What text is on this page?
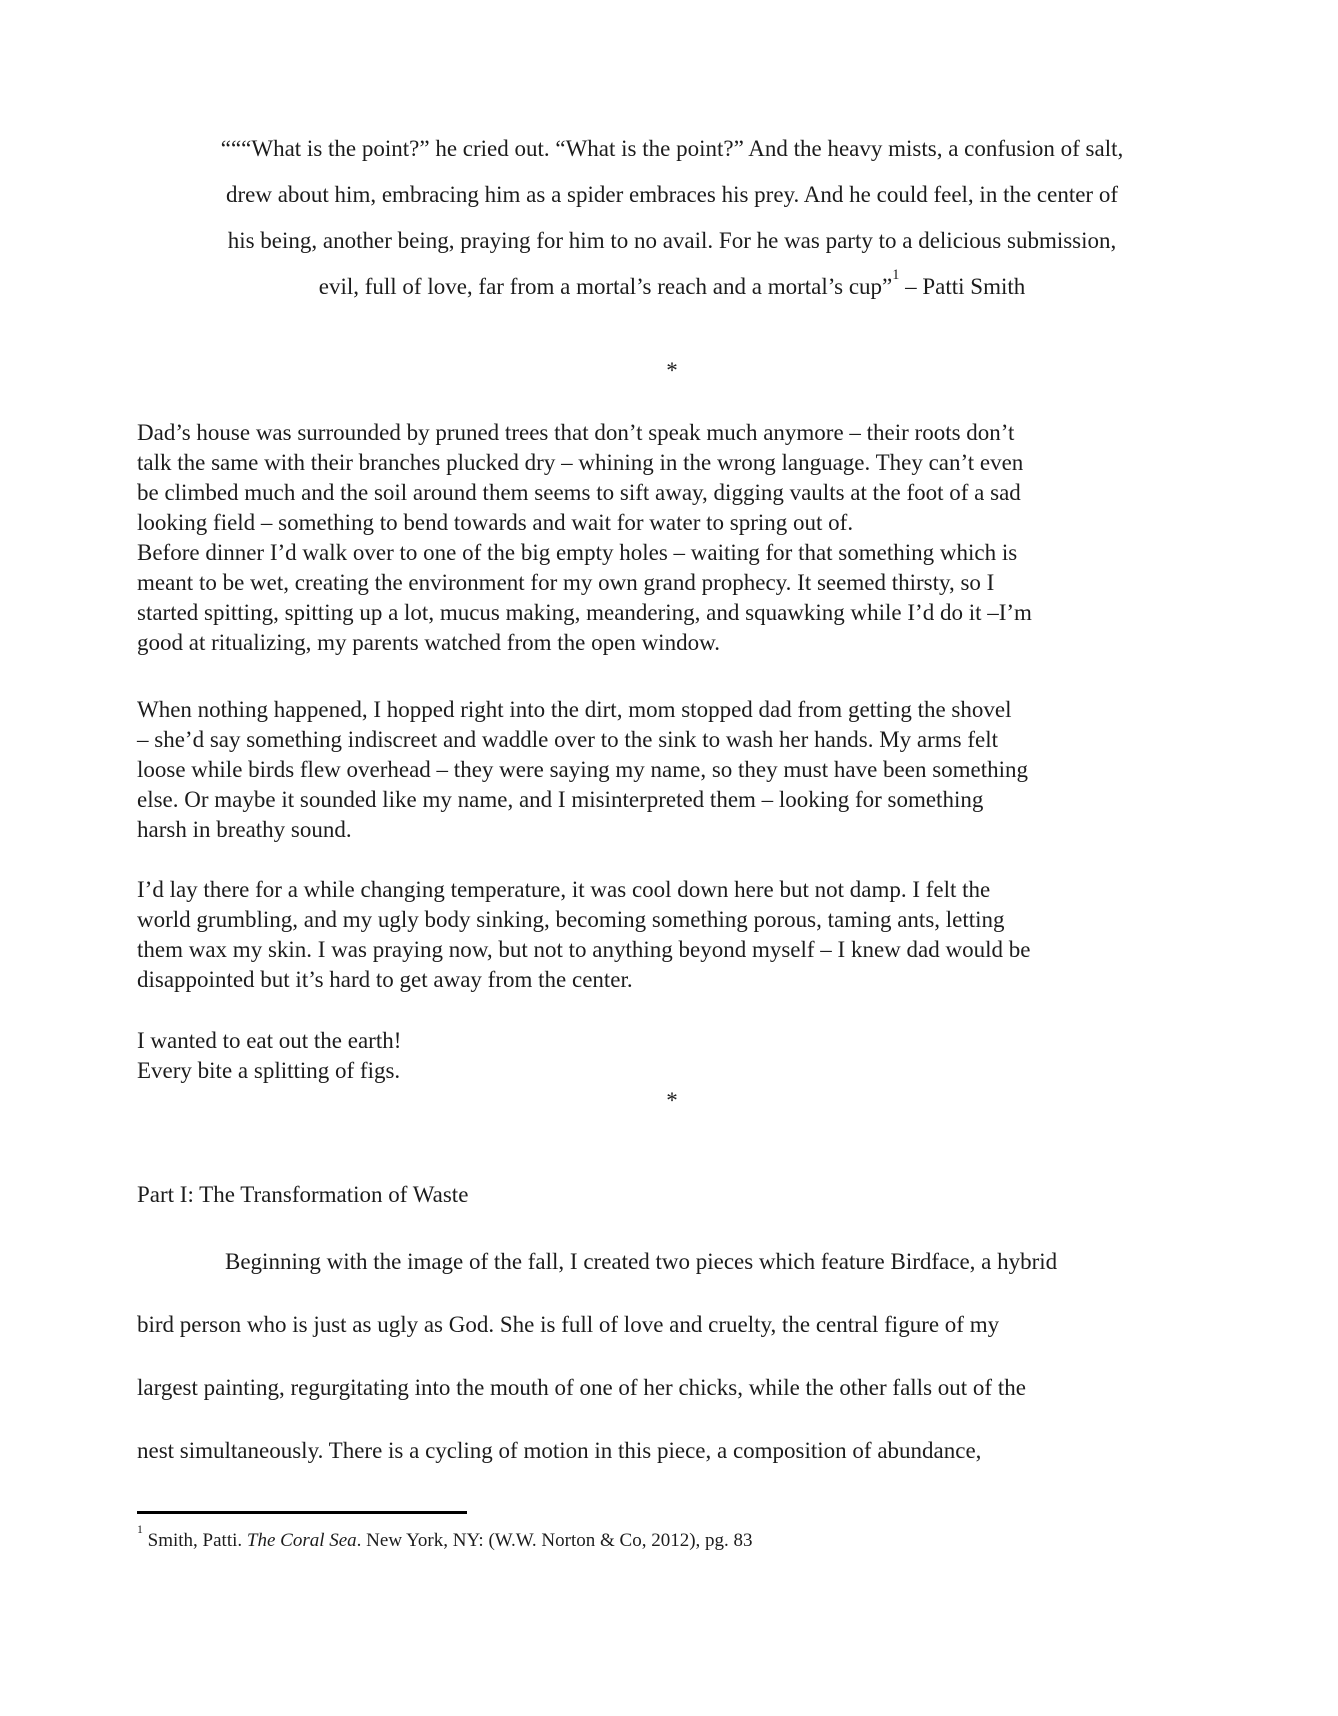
“““What is the point?” he cried out. “What is the point?” And the heavy mists, a confusion of salt,
drew about him, embracing him as a spider embraces his prey. And he could feel, in the center of
his being, another being, praying for him to no avail. For he was party to a delicious submission,
evil, full of love, far from a mortal’s reach and a mortal’s cup”$^1$ – Patti Smith
*
Dad’s house was surrounded by pruned trees that don’t speak much anymore – their roots don’t
talk the same with their branches plucked dry – whining in the wrong language. They can’t even
be climbed much and the soil around them seems to sift away, digging vaults at the foot of a sad
looking field – something to bend towards and wait for water to spring out of.
Before dinner I’d walk over to one of the big empty holes – waiting for that something which is
meant to be wet, creating the environment for my own grand prophecy. It seemed thirsty, so I
started spitting, spitting up a lot, mucus making, meandering, and squawking while I’d do it –I’m
good at ritualizing, my parents watched from the open window.
When nothing happened, I hopped right into the dirt, mom stopped dad from getting the shovel
– she’d say something indiscreet and waddle over to the sink to wash her hands. My arms felt
loose while birds flew overhead – they were saying my name, so they must have been something
else. Or maybe it sounded like my name, and I misinterpreted them – looking for something
harsh in breathy sound.
I’d lay there for a while changing temperature, it was cool down here but not damp. I felt the
world grumbling, and my ugly body sinking, becoming something porous, taming ants, letting
them wax my skin. I was praying now, but not to anything beyond myself – I knew dad would be
disappointed but it’s hard to get away from the center.
I wanted to eat out the earth!
Every bite a splitting of figs.
*
Part I: The Transformation of Waste
Beginning with the image of the fall, I created two pieces which feature Birdface, a hybrid
bird person who is just as ugly as God. She is full of love and cruelty, the central figure of my
largest painting, regurgitating into the mouth of one of her chicks, while the other falls out of the
nest simultaneously. There is a cycling of motion in this piece, a composition of abundance,
$^1$ Smith, Patti. The Coral Sea. New York, NY: (W.W. Norton & Co, 2012), pg. 83
